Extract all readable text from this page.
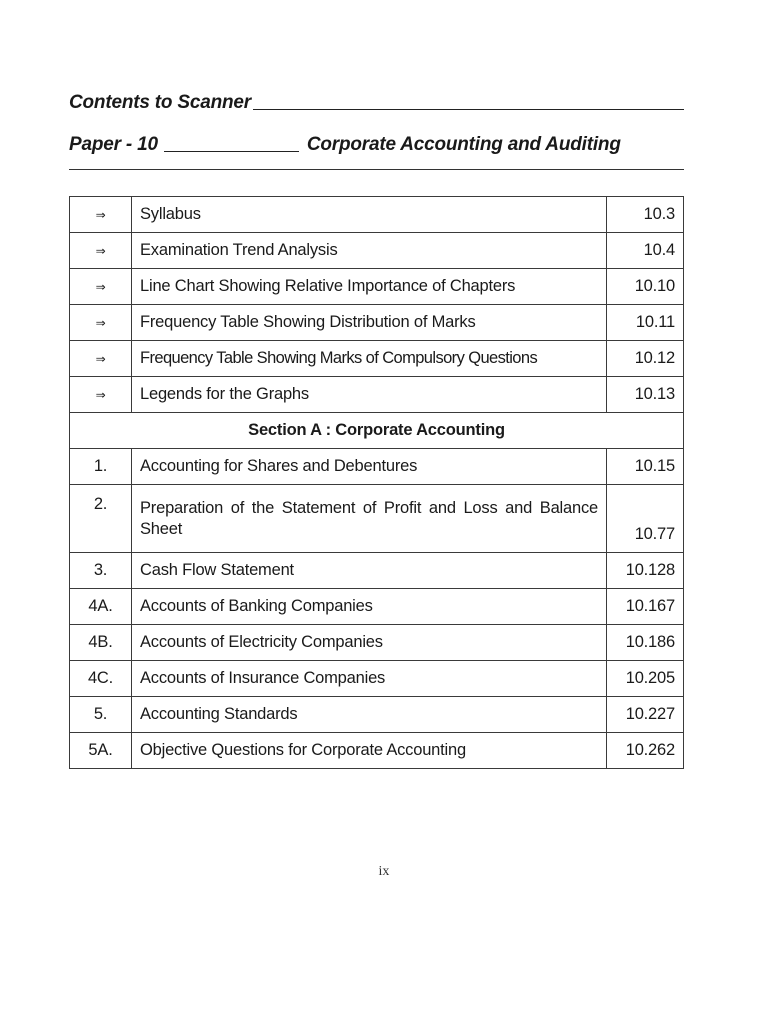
Contents to Scanner
Paper - 10	Corporate Accounting and Auditing
⇒	Syllabus	10.3
⇒	Examination Trend Analysis	10.4
⇒	Line Chart Showing Relative Importance of Chapters	10.10
⇒	Frequency Table Showing Distribution of Marks	10.11
⇒	Frequency Table Showing Marks of Compulsory Questions	10.12
⇒	Legends for the Graphs	10.13
Section A : Corporate Accounting		
1.	Accounting for Shares and Debentures	10.15
2.	Preparation of the Statement of Profit and Loss and Balance Sheet	10.77
3.	Cash Flow Statement	10.128
4A.	Accounts of Banking Companies	10.167
4B.	Accounts of Electricity Companies	10.186
4C.	Accounts of Insurance Companies	10.205
5.	Accounting Standards	10.227
5A.	Objective Questions for Corporate Accounting	10.262
ix
